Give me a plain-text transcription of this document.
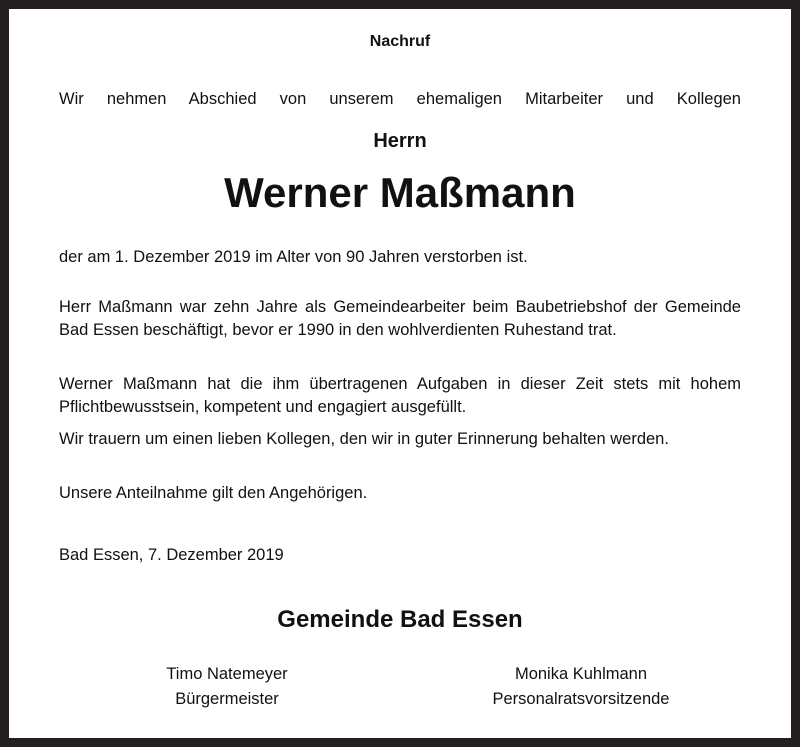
Nachruf
Wir nehmen Abschied von unserem ehemaligen Mitarbeiter und Kollegen
Herrn
Werner Maßmann
der am 1. Dezember 2019 im Alter von 90 Jahren verstorben ist.
Herr Maßmann war zehn Jahre als Gemeindearbeiter beim Baubetriebshof der Gemeinde Bad Essen beschäftigt, bevor er 1990 in den wohlverdienten Ruhestand trat.
Werner Maßmann hat die ihm übertragenen Aufgaben in dieser Zeit stets mit hohem Pflichtbewusstsein, kompetent und engagiert ausgefüllt.
Wir trauern um einen lieben Kollegen, den wir in guter Erinnerung behalten werden.
Unsere Anteilnahme gilt den Angehörigen.
Bad Essen, 7. Dezember 2019
Gemeinde Bad Essen
Timo Natemeyer
Bürgermeister
Monika Kuhlmann
Personalratsvorsitzende
